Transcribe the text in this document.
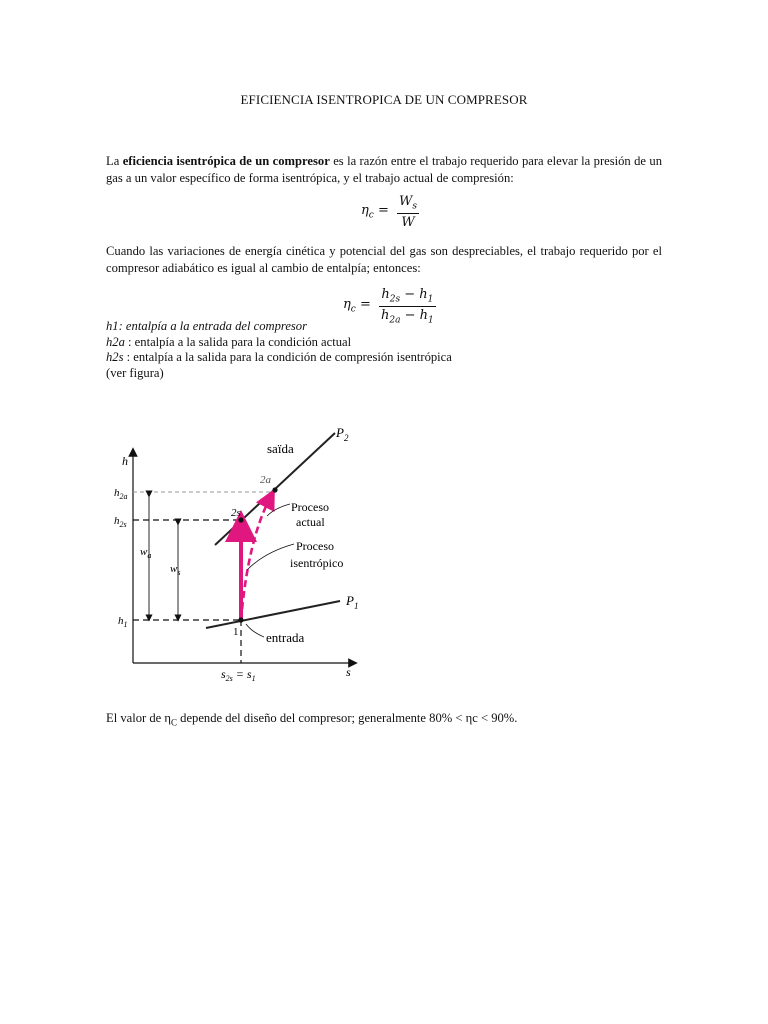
EFICIENCIA ISENTROPICA DE UN COMPRESOR
La eficiencia isentrópica de un compresor es la razón entre el trabajo requerido para elevar la presión de un gas a un valor específico de forma isentrópica, y el trabajo actual de compresión:
$\eta_c = \frac{W_s}{W}$
Cuando las variaciones de energía cinética y potencial del gas son despreciables, el trabajo requerido por el compresor adiabático es igual al cambio de entalpía; entonces:
$\eta_c = \frac{h_{2s} - h_1}{h_{2a} - h_1}$
h1: entalpía a la entrada del compresor
h2a : entalpía a la salida para la condición actual
h2s : entalpía a la salida para la condición de compresión isentrópica
(ver figura)
h
s
$P_2$
$P_1$
$h_{2a}$
$h_{2s}$
$h_1$
$w_a$
$w_s$
2s
2a
1
saïda
entrada
Proceso
actual
Proceso
isentrópico
$s_{2s} = s_1$
El valor de $\eta_C$ depende del diseño del compresor; generalmente 80% < ηc < 90%.
